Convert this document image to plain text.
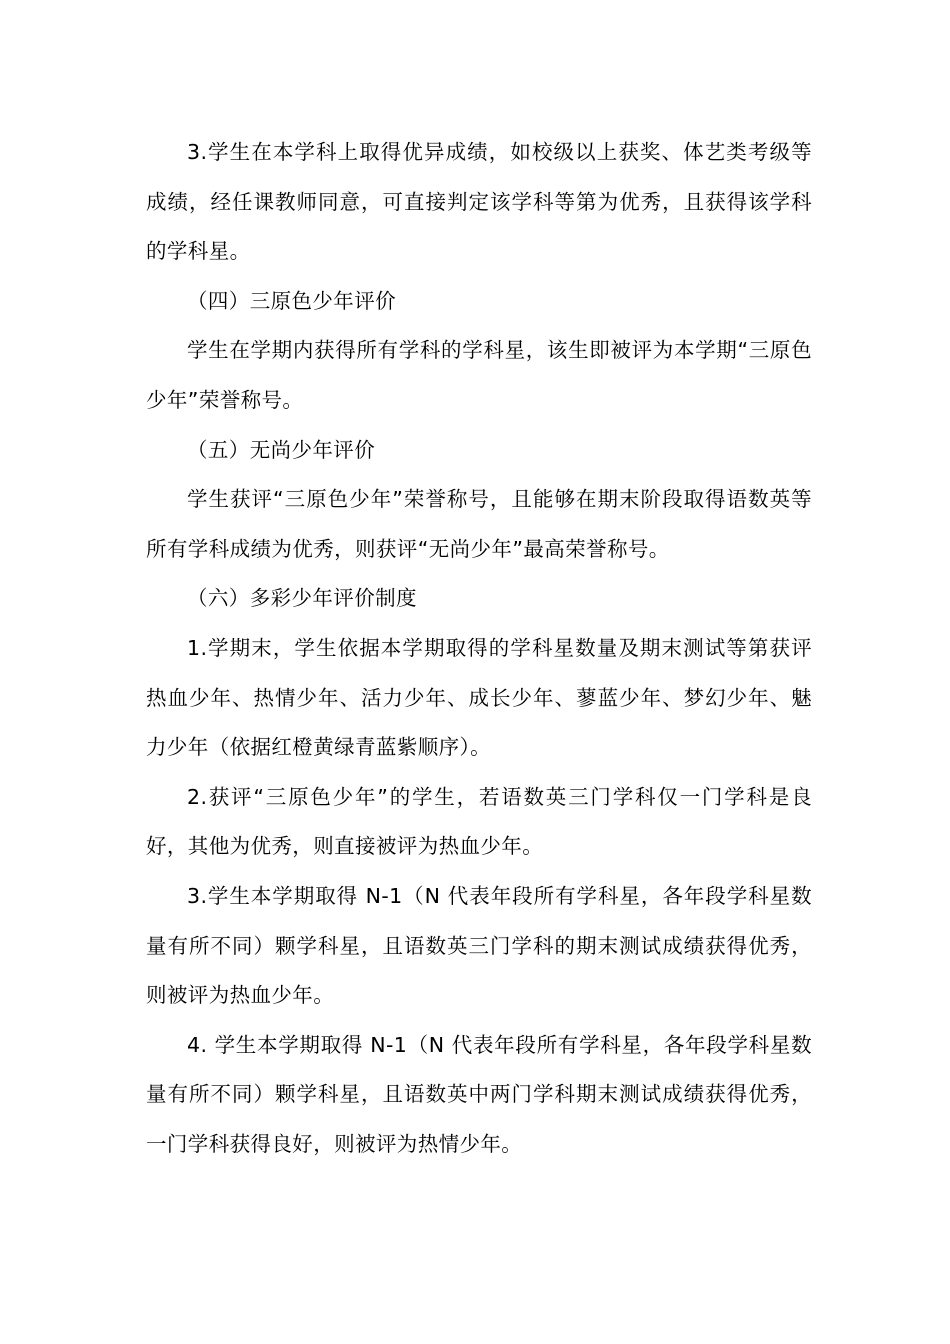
3.学生在本学科上取得优异成绩，如校级以上获奖、体艺类考级等成绩，经任课教师同意，可直接判定该学科等第为优秀，且获得该学科的学科星。

（四）三原色少年评价

学生在学期内获得所有学科的学科星，该生即被评为本学期“三原色少年”荣誉称号。

（五）无尚少年评价

学生获评“三原色少年”荣誉称号，且能够在期末阶段取得语数英等所有学科成绩为优秀，则获评“无尚少年”最高荣誉称号。

（六）多彩少年评价制度

1.学期末，学生依据本学期取得的学科星数量及期末测试等第获评热血少年、热情少年、活力少年、成长少年、蓼蓝少年、梦幻少年、魅力少年（依据红橙黄绿青蓝紫顺序）。

2.获评“三原色少年”的学生，若语数英三门学科仅一门学科是良好，其他为优秀，则直接被评为热血少年。

3.学生本学期取得 N-1（N 代表年段所有学科星，各年段学科星数量有所不同）颗学科星，且语数英三门学科的期末测试成绩获得优秀，则被评为热血少年。

4. 学生本学期取得 N-1（N 代表年段所有学科星，各年段学科星数量有所不同）颗学科星，且语数英中两门学科期末测试成绩获得优秀，一门学科获得良好，则被评为热情少年。
